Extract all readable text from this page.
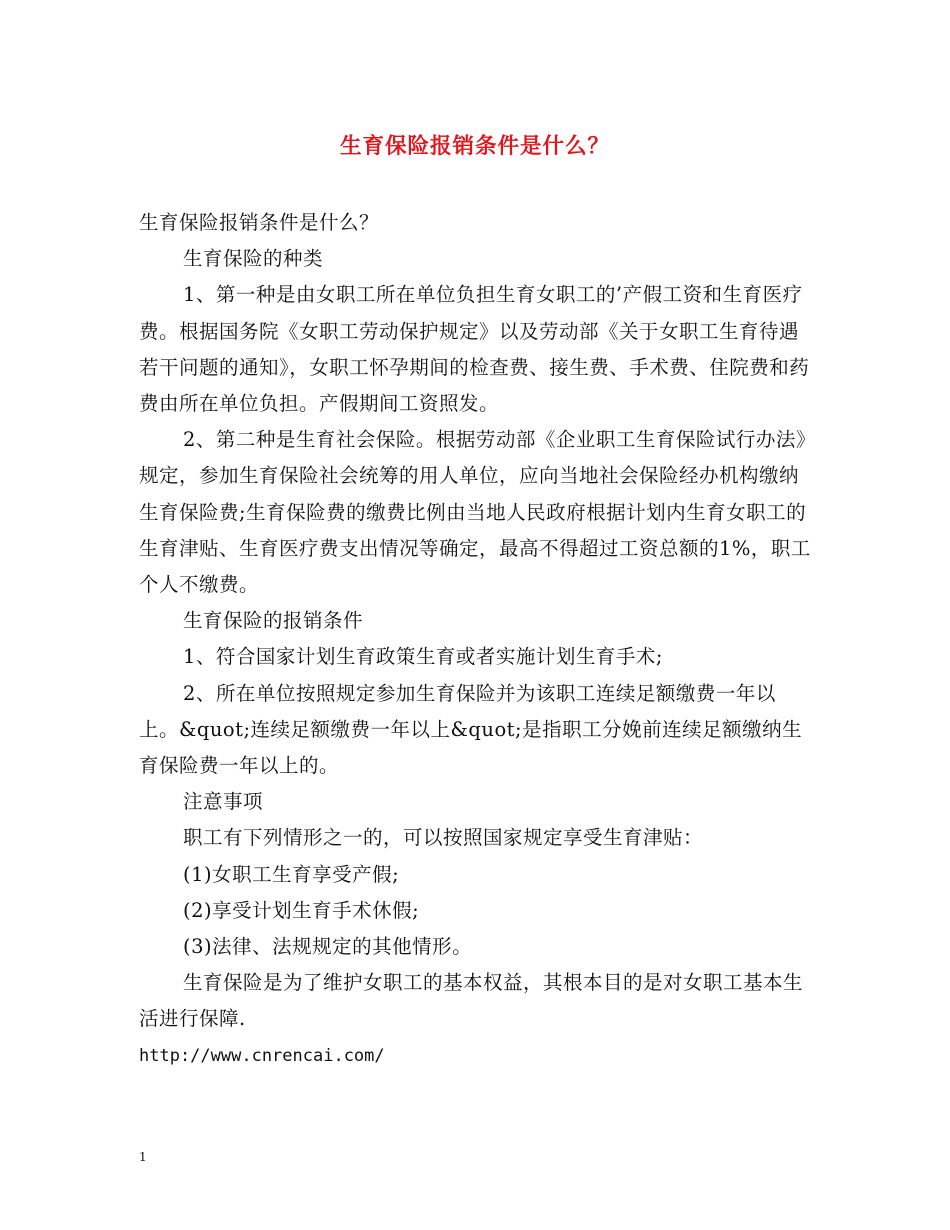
生育保险报销条件是什么？

生育保险报销条件是什么？

生育保险的种类

1、第一种是由女职工所在单位负担生育女职工的’产假工资和生育医疗费。根据国务院《女职工劳动保护规定》以及劳动部《关于女职工生育待遇若干问题的通知》，女职工怀孕期间的检查费、接生费、手术费、住院费和药费由所在单位负担。产假期间工资照发。

2、第二种是生育社会保险。根据劳动部《企业职工生育保险试行办法》规定，参加生育保险社会统筹的用人单位，应向当地社会保险经办机构缴纳生育保险费;生育保险费的缴费比例由当地人民政府根据计划内生育女职工的生育津贴、生育医疗费支出情况等确定，最高不得超过工资总额的1%，职工个人不缴费。

生育保险的报销条件

1、符合国家计划生育政策生育或者实施计划生育手术;

2、所在单位按照规定参加生育保险并为该职工连续足额缴费一年以上。&quot;连续足额缴费一年以上&quot;是指职工分娩前连续足额缴纳生育保险费一年以上的。

注意事项

职工有下列情形之一的，可以按照国家规定享受生育津贴：

(1)女职工生育享受产假;

(2)享受计划生育手术休假;

(3)法律、法规规定的其他情形。

生育保险是为了维护女职工的基本权益，其根本目的是对女职工基本生活进行保障.

http://www.cnrencai.com/

1
